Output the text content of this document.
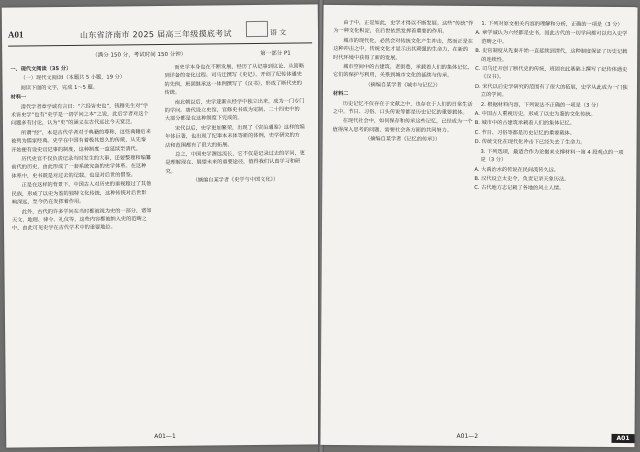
A01	山东省济南市 2025 届高三年级摸底考试	语 文
（满分 150 分，考试时间 150 分钟）	第一部分 P1

一、现代文阅读（35 分）

（一）现代文阅读Ⅰ（本题共 5 小题，19 分）

阅读下面的文字，完成 1～5 题。

材料一

清代学者章学诚有言曰：“六经皆史也”，钱穆先生对“学术皆史学”也有“史学是一切学问之本”之说，此后学者对这个问题多有讨论，认为“史”的涵义在古代远比今天宽泛。

所谓“经”，本是古代学者对于典籍的尊称，这些典籍后来被列为儒家经典。史学在中国有着极其悠久的传统，从先秦开始便有设史官记事的制度，这种制度一直延续至清代。

历代史官不仅负责记录当时发生的大事，还要整理和编纂前代的历史，由此形成了一套系统完备的史学体系。在这种体系中，史书既是对过去的记载，也是对后世的借鉴。

正是在这样的背景下，中国古人对历史的重视超过了其他民族，形成了以史为鉴的独特文化传统，这种传统对后世影响深远，至今仍在发挥着作用。

此外，古代的许多学问在当时都被视为史的一部分，诸如天文、地理、律令、礼仪等，这些内容都被纳入史的范畴之中，由此可见史学在古代学术中的重要地位。

而史学本身也在不断发展，经历了从记事到议论、从简略到详备的变化过程。司马迁撰写《史记》，开创了纪传体通史的先例，班固继承这一体例撰写了《汉书》，形成了断代史的传统。

南北朝以后，史学逐渐从经学中独立出来，成为一门专门的学问。唐代设立史馆，官修史书成为定制，二十四史中的大部分都是在这种制度下完成的。

宋代以后，史学更加繁荣，出现了《资治通鉴》这样的编年体巨著，也出现了纪事本末体等新的体例，史学研究的方法和范围都有了很大的拓展。

总之，中国史学源远流长，它不仅是记录过去的学问，更是理解现在、展望未来的重要途径，值得我们认真学习和研究。

（摘编自某学者《史学与中国文化》）

A01—1

由于中，正是如此，史学才得以不断发展。这些“传统”作为一种文化积淀，在后世依然发挥着重要的作用。

城市的现代化，必然会对传统文化产生冲击，然而正是在这种冲击之中，传统文化才显示出其顽强的生命力，在新的时代环境中获得了新的发展。

城市空间中的古建筑、老街巷，承载着人们的集体记忆，它们的保护与利用，关系到城市文化的延续与传承。

（摘编自某学者《城市与记忆》）

材料二

历史记忆不仅存在于文献之中，也存在于人们的日常生活之中，节日、习俗、口头传说等都是历史记忆的重要载体。

在现代社会中，如何保存和传承这些记忆，已经成为一个值得深入思考的问题，需要社会各方面的共同努力。

（摘编自某学者《记忆的传承》）

1. 下列对原文相关内容的理解和分析，正确的一项是（3 分）

A. 章学诚认为六经都是史书，因此古代的一切学问都可以归入史学范畴之中。

B. 史官制度从先秦开始一直延续到清代，这种制度保证了历史记载的连续性。

C. 司马迁开创了断代史的传统，班固在此基础上撰写了纪传体通史《汉书》。

D. 宋代以后史学研究的范围有了很大的拓展，史学从此成为一门独立的学问。

2. 根据材料内容，下列说法不正确的一项是（3 分）

A. 中国古人重视历史，形成了以史为鉴的文化传统。

B. 城市中的古建筑承载着人们的集体记忆。

C. 节日、习俗等都是历史记忆的重要载体。

D. 传统文化在现代化冲击下已经失去了生命力。

3. 下列选项，最适合作为论据来支撑材料一第 4 段观点的一项是（3 分）

A. 大禹治水的传说在民间流传久远。

B. 汉代设立太史令，负责记录天象历法。

C. 古代地方志记载了各地的风土人情。

A01—2	A01
